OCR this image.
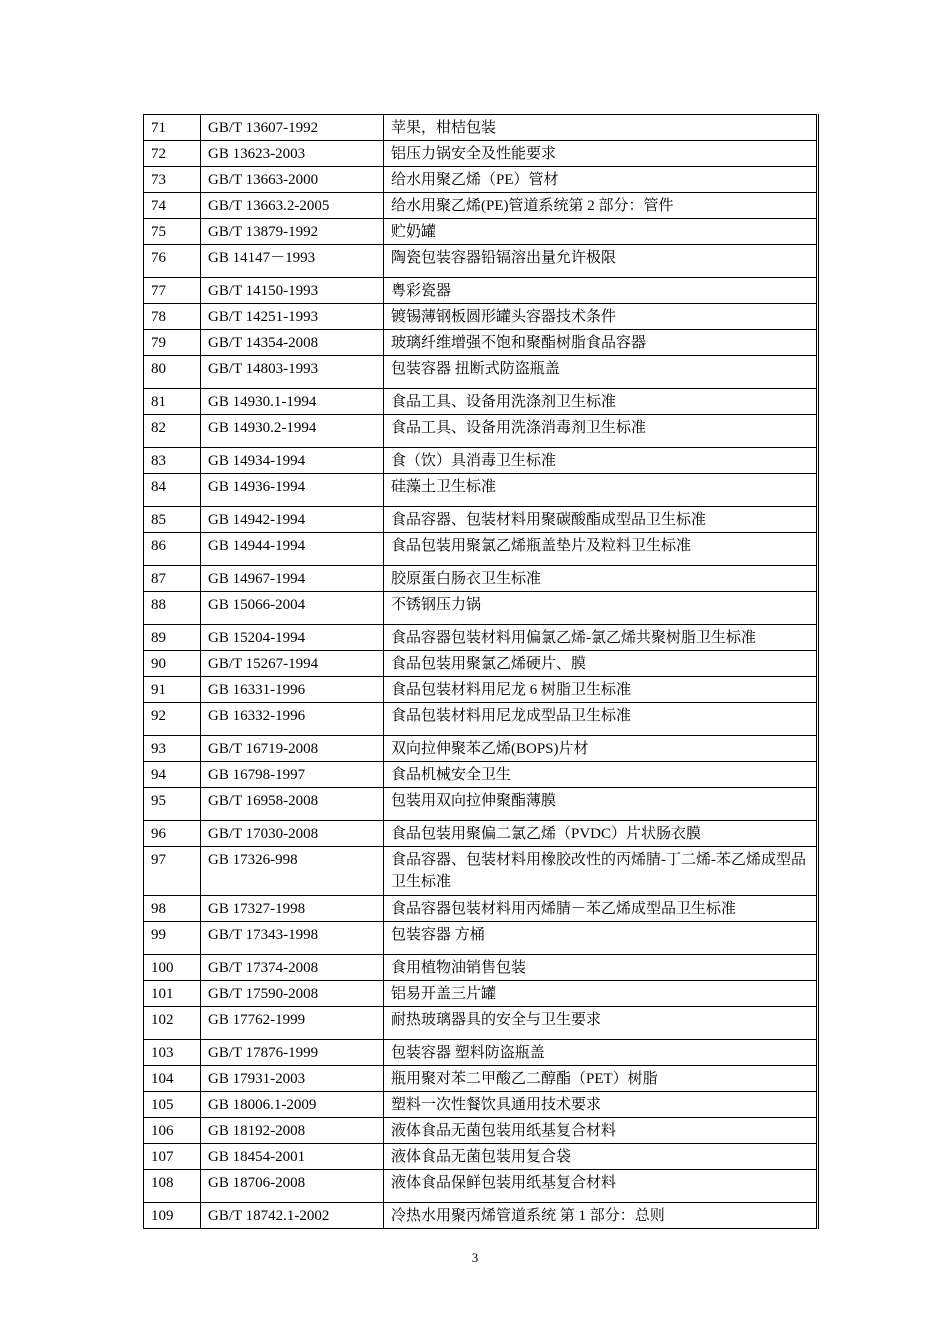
71	GB/T 13607-1992	苹果，柑桔包装
72	GB 13623-2003	铝压力锅安全及性能要求
73	GB/T 13663-2000	给水用聚乙烯（PE）管材
74	GB/T 13663.2-2005	给水用聚乙烯(PE)管道系统第 2 部分：管件
75	GB/T 13879-1992	贮奶罐
76	GB 14147－1993	陶瓷包装容器铅镉溶出量允许极限
77	GB/T 14150-1993	粤彩瓷器
78	GB/T 14251-1993	镀锡薄钢板圆形罐头容器技术条件
79	GB/T 14354-2008	玻璃纤维增强不饱和聚酯树脂食品容器
80	GB/T 14803-1993	包装容器 扭断式防盗瓶盖
81	GB 14930.1-1994	食品工具、设备用洗涤剂卫生标准
82	GB 14930.2-1994	食品工具、设备用洗涤消毒剂卫生标准
83	GB 14934-1994	食（饮）具消毒卫生标准
84	GB 14936-1994	硅藻土卫生标准
85	GB 14942-1994	食品容器、包装材料用聚碳酸酯成型品卫生标准
86	GB 14944-1994	食品包装用聚氯乙烯瓶盖垫片及粒料卫生标准
87	GB 14967-1994	胶原蛋白肠衣卫生标准
88	GB 15066-2004	不锈钢压力锅
89	GB 15204-1994	食品容器包装材料用偏氯乙烯-氯乙烯共聚树脂卫生标准
90	GB/T 15267-1994	食品包装用聚氯乙烯硬片、膜
91	GB 16331-1996	食品包装材料用尼龙 6 树脂卫生标准
92	GB 16332-1996	食品包装材料用尼龙成型品卫生标准
93	GB/T 16719-2008	双向拉伸聚苯乙烯(BOPS)片材
94	GB 16798-1997	食品机械安全卫生
95	GB/T 16958-2008	包装用双向拉伸聚酯薄膜
96	GB/T 17030-2008	食品包装用聚偏二氯乙烯（PVDC）片状肠衣膜
97	GB 17326-998	食品容器、包装材料用橡胶改性的丙烯腈-丁二烯-苯乙烯成型品卫生标准
98	GB 17327-1998	食品容器包装材料用丙烯腈－苯乙烯成型品卫生标准
99	GB/T 17343-1998	包装容器 方桶
100	GB/T 17374-2008	食用植物油销售包装
101	GB/T 17590-2008	铝易开盖三片罐
102	GB 17762-1999	耐热玻璃器具的安全与卫生要求
103	GB/T 17876-1999	包装容器 塑料防盗瓶盖
104	GB 17931-2003	瓶用聚对苯二甲酸乙二醇酯（PET）树脂
105	GB 18006.1-2009	塑料一次性餐饮具通用技术要求
106	GB 18192-2008	液体食品无菌包装用纸基复合材料
107	GB 18454-2001	液体食品无菌包装用复合袋
108	GB 18706-2008	液体食品保鲜包装用纸基复合材料
109	GB/T 18742.1-2002	冷热水用聚丙烯管道系统 第 1 部分：总则
3
